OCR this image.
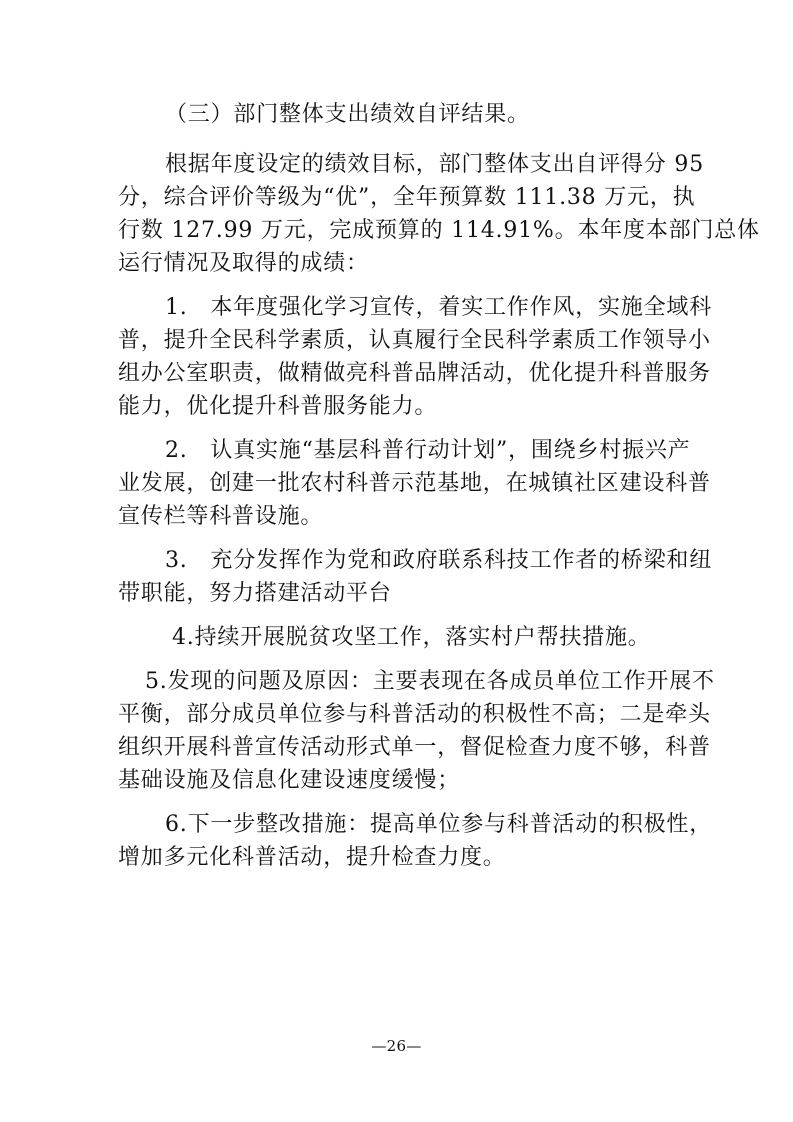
（三）部门整体支出绩效自评结果。
根据年度设定的绩效目标，部门整体支出自评得分 95
分，综合评价等级为“优”，全年预算数 111.38 万元，执
行数 127.99 万元，完成预算的 114.91%。本年度本部门总体
运行情况及取得的成绩：
1.　本年度强化学习宣传，着实工作作风，实施全域科
普，提升全民科学素质，认真履行全民科学素质工作领导小
组办公室职责，做精做亮科普品牌活动，优化提升科普服务
能力，优化提升科普服务能力。
2.　认真实施“基层科普行动计划”，围绕乡村振兴产
业发展，创建一批农村科普示范基地，在城镇社区建设科普
宣传栏等科普设施。
3.　充分发挥作为党和政府联系科技工作者的桥梁和纽
带职能，努力搭建活动平台
4.持续开展脱贫攻坚工作，落实村户帮扶措施。
5.发现的问题及原因：主要表现在各成员单位工作开展不
平衡，部分成员单位参与科普活动的积极性不高；二是牵头
组织开展科普宣传活动形式单一，督促检查力度不够，科普
基础设施及信息化建设速度缓慢；
6.下一步整改措施：提高单位参与科普活动的积极性，
增加多元化科普活动，提升检查力度。
—26—
